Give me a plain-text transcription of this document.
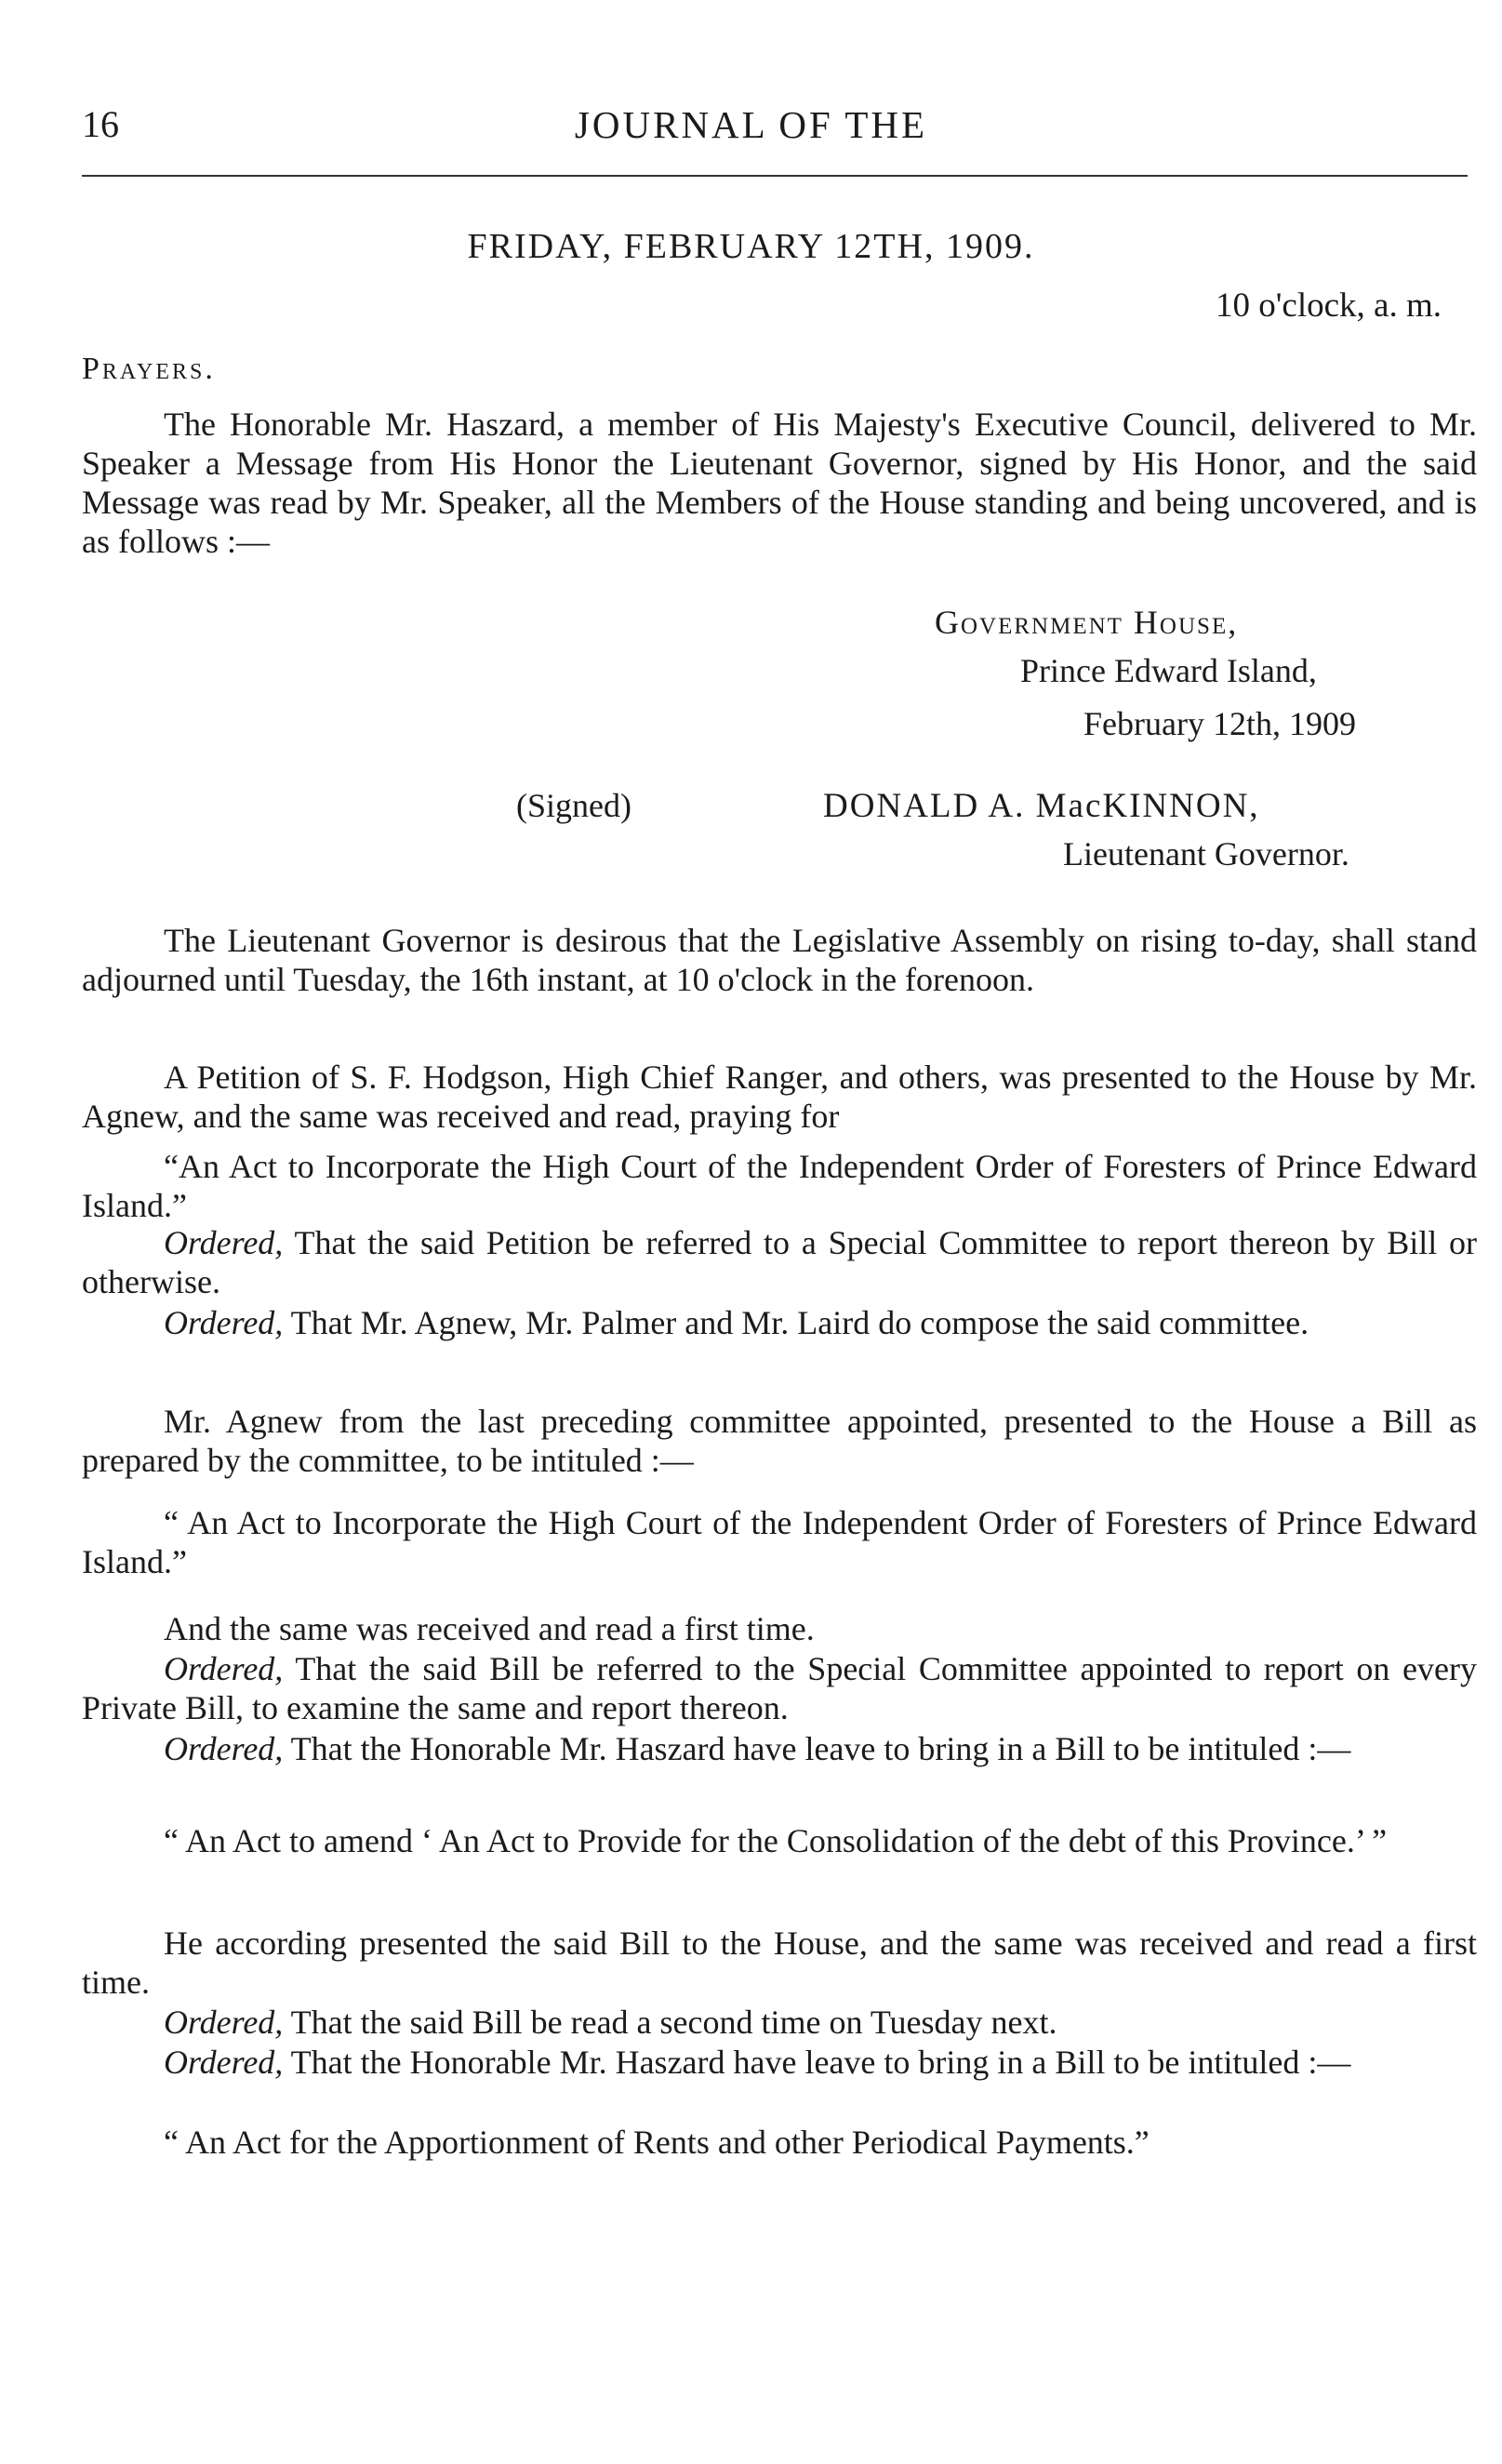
16	JOURNAL OF THE
FRIDAY, FEBRUARY 12TH, 1909.
10 o'clock, a. m.
Prayers.

The Honorable Mr. Haszard, a member of His Majesty's Executive Council, delivered to Mr. Speaker a Message from His Honor the Lieutenant Governor, signed by His Honor, and the said Message was read by Mr. Speaker, all the Members of the House standing and being uncovered, and is as follows :—

Government House,
Prince Edward Island,
February 12th, 1909
(Signed)	DONALD A. MacKINNON,
Lieutenant Governor.

The Lieutenant Governor is desirous that the Legislative Assembly on rising to-day, shall stand adjourned until Tuesday, the 16th instant, at 10 o'clock in the forenoon.

A Petition of S. F. Hodgson, High Chief Ranger, and others, was presented to the House by Mr. Agnew, and the same was received and read, praying for

“An Act to Incorporate the High Court of the Independent Order of Foresters of Prince Edward Island.”

Ordered, That the said Petition be referred to a Special Committee to report thereon by Bill or otherwise.

Ordered, That Mr. Agnew, Mr. Palmer and Mr. Laird do compose the said committee.

Mr. Agnew from the last preceding committee appointed, presented to the House a Bill as prepared by the committee, to be intituled :—

“ An Act to Incorporate the High Court of the Independent Order of Foresters of Prince Edward Island.”

And the same was received and read a first time.

Ordered, That the said Bill be referred to the Special Committee appointed to report on every Private Bill, to examine the same and report thereon.

Ordered, That the Honorable Mr. Haszard have leave to bring in a Bill to be intituled :—

“ An Act to amend ‘ An Act to Provide for the Consolidation of the debt of this Province.’ ”

He according presented the said Bill to the House, and the same was received and read a first time.

Ordered, That the said Bill be read a second time on Tuesday next.

Ordered, That the Honorable Mr. Haszard have leave to bring in a Bill to be intituled :—

“ An Act for the Apportionment of Rents and other Periodical Payments.”
